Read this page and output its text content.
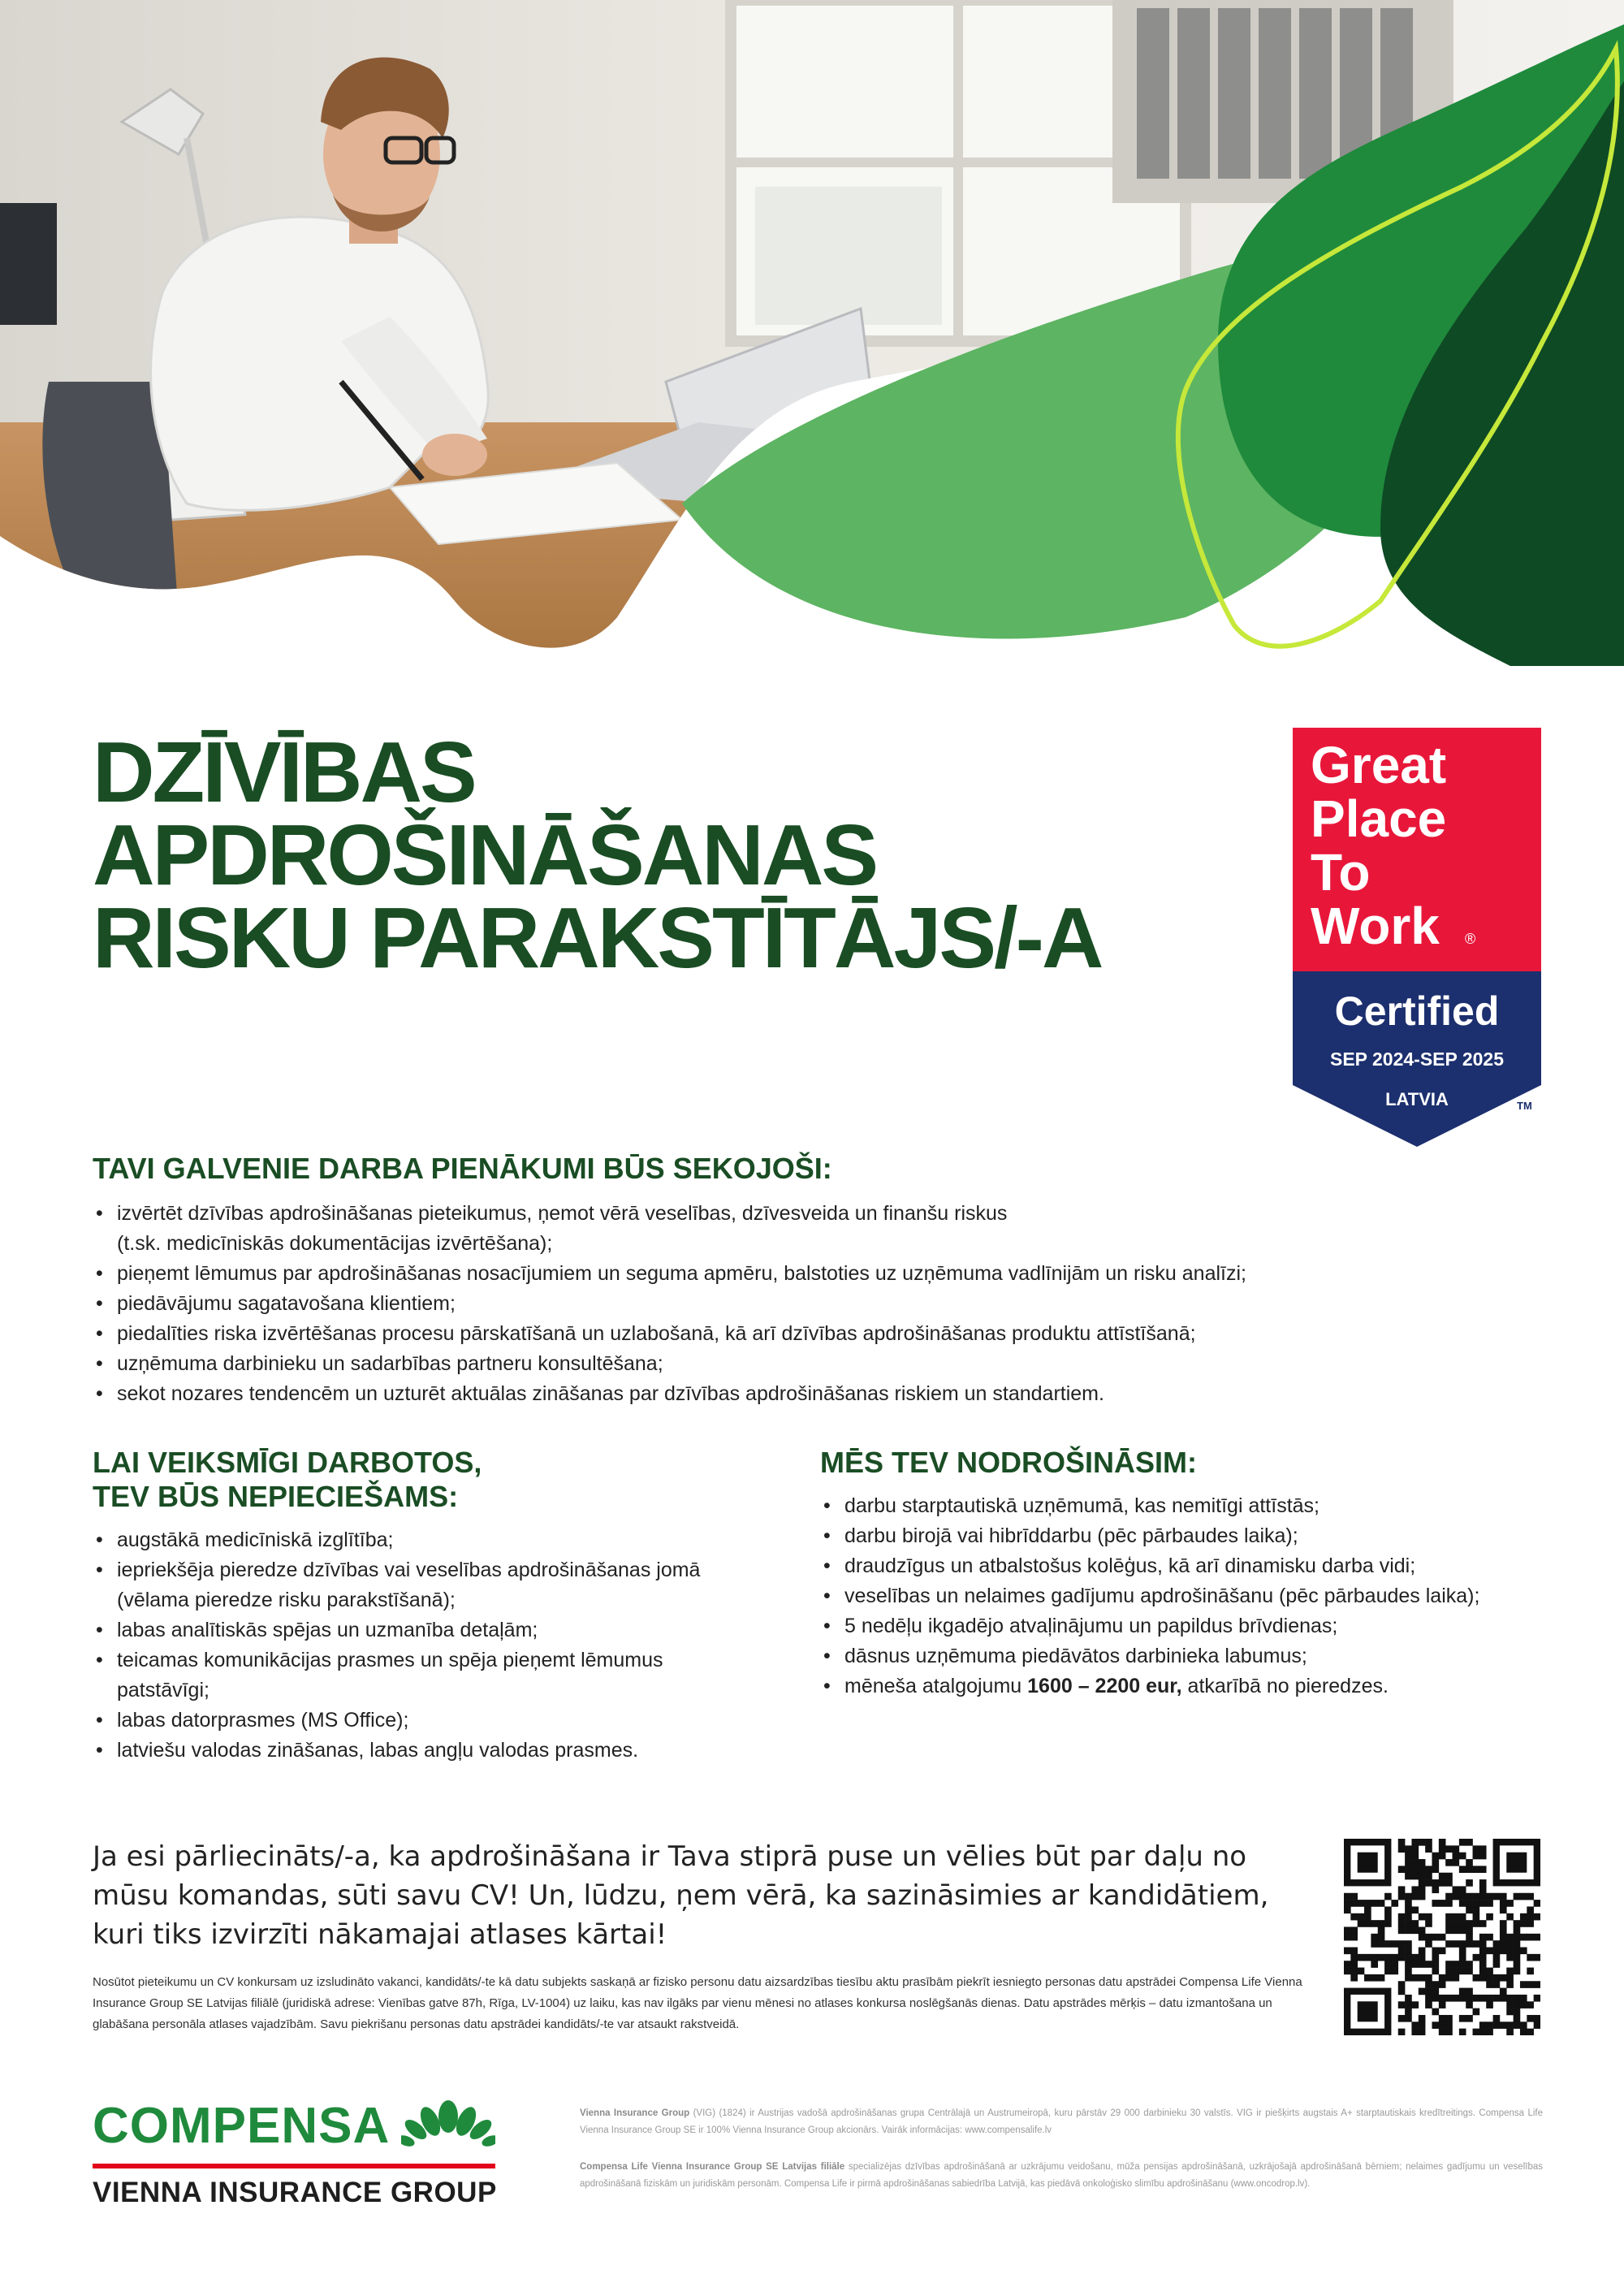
DZĪVĪBAS
APDROŠINĀŠANAS
RISKU PARAKSTĪTĀJS/-A
Great
Place
To
Work ®
Certified
SEP 2024-SEP 2025
LATVIA	TM
TAVI GALVENIE DARBA PIENĀKUMI BŪS SEKOJOŠI:
• izvērtēt dzīvības apdrošināšanas pieteikumus, ņemot vērā veselības, dzīvesveida un finanšu riskus
(t.sk. medicīniskās dokumentācijas izvērtēšana);
• pieņemt lēmumus par apdrošināšanas nosacījumiem un seguma apmēru, balstoties uz uzņēmuma vadlīnijām un risku analīzi;
• piedāvājumu sagatavošana klientiem;
• piedalīties riska izvērtēšanas procesu pārskatīšanā un uzlabošanā, kā arī dzīvības apdrošināšanas produktu attīstīšanā;
• uzņēmuma darbinieku un sadarbības partneru konsultēšana;
• sekot nozares tendencēm un uzturēt aktuālas zināšanas par dzīvības apdrošināšanas riskiem un standartiem.
LAI VEIKSMĪGI DARBOTOS,
TEV BŪS NEPIECIEŠAMS:
• augstākā medicīniskā izglītība;
• iepriekšēja pieredze dzīvības vai veselības apdrošināšanas jomā (vēlama pieredze risku parakstīšanā);
• labas analītiskās spējas un uzmanība detaļām;
• teicamas komunikācijas prasmes un spēja pieņemt lēmumus patstāvīgi;
• labas datorprasmes (MS Office);
• latviešu valodas zināšanas, labas angļu valodas prasmes.
MĒS TEV NODROŠINĀSIM:
• darbu starptautiskā uzņēmumā, kas nemitīgi attīstās;
• darbu birojā vai hibrīddarbu (pēc pārbaudes laika);
• draudzīgus un atbalstošus kolēģus, kā arī dinamisku darba vidi;
• veselības un nelaimes gadījumu apdrošināšanu (pēc pārbaudes laika);
• 5 nedēļu ikgadējo atvaļinājumu un papildus brīvdienas;
• dāsnus uzņēmuma piedāvātos darbinieka labumus;
• mēneša atalgojumu 1600 – 2200 eur, atkarībā no pieredzes.

Ja esi pārliecināts/-a, ka apdrošināšana ir Tava stiprā puse un vēlies būt par daļu no mūsu komandas, sūti savu CV! Un, lūdzu, ņem vērā, ka sazināsimies ar kandidātiem, kuri tiks izvirzīti nākamajai atlases kārtai!

Nosūtot pieteikumu un CV konkursam uz izsludināto vakanci, kandidāts/-te kā datu subjekts saskaņā ar fizisko personu datu aizsardzības tiesību aktu prasībām piekrīt iesniegto personas datu apstrādei Compensa Life Vienna Insurance Group SE Latvijas filiālē (juridiskā adrese: Vienības gatve 87h, Rīga, LV-1004) uz laiku, kas nav ilgāks par vienu mēnesi no atlases konkursa noslēgšanās dienas. Datu apstrādes mērķis – datu izmantošana un glabāšana personāla atlases vajadzībām. Savu piekrišanu personas datu apstrādei kandidāts/-te var atsaukt rakstveidā.

COMPENSA
VIENNA INSURANCE GROUP

Vienna Insurance Group (VIG) (1824) ir Austrijas vadošā apdrošināšanas grupa Centrālajā un Austrumeiropā, kuru pārstāv 29 000 darbinieku 30 valstīs. VIG ir piešķirts augstais A+ starptautiskais kredītreitings. Compensa Life Vienna Insurance Group SE ir 100% Vienna Insurance Group akcionārs. Vairāk informācijas: www.compensalife.lv

Compensa Life Vienna Insurance Group SE Latvijas filiāle specializējas dzīvības apdrošināšanā ar uzkrājumu veidošanu, mūža pensijas apdrošināšanā, uzkrājošajā apdrošināšanā bērniem; nelaimes gadījumu un veselības apdrošināšanā fiziskām un juridiskām personām. Compensa Life ir pirmā apdrošināšanas sabiedrība Latvijā, kas piedāvā onkoloģisko slimību apdrošināšanu (www.oncodrop.lv).
